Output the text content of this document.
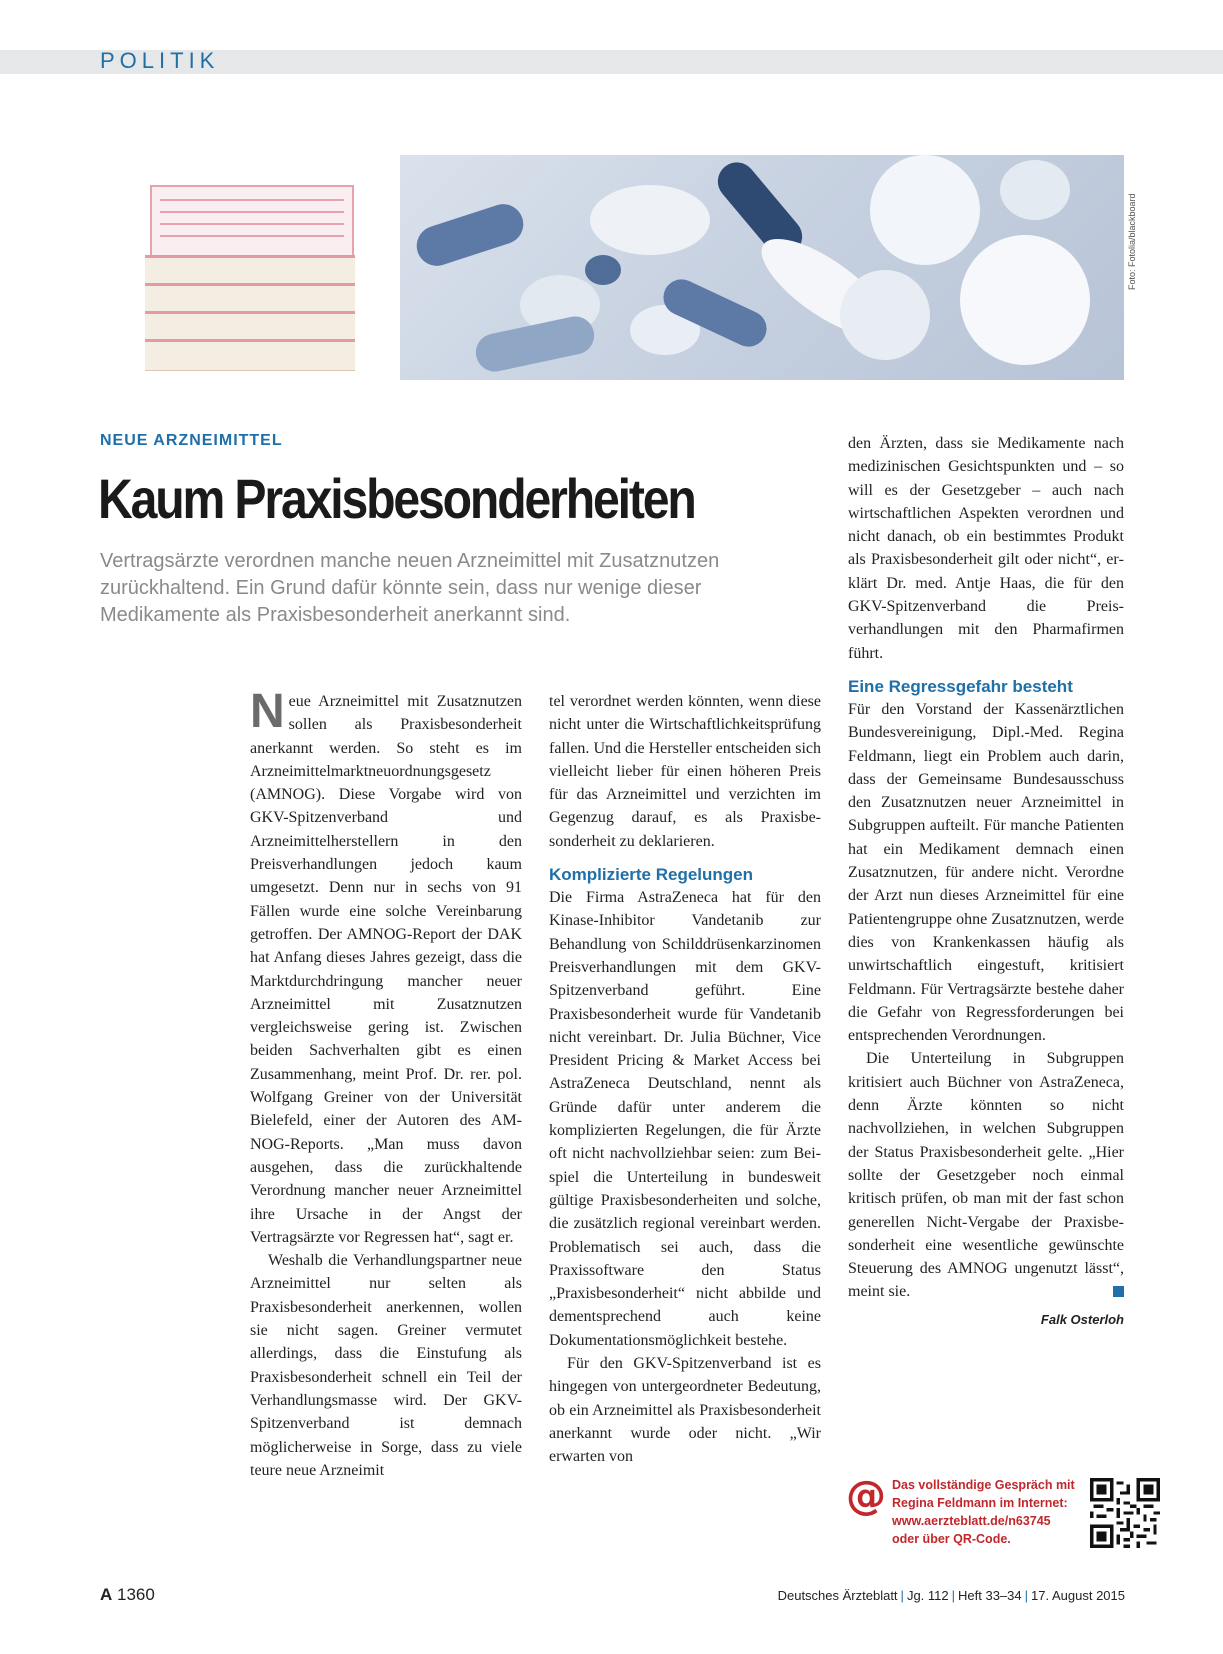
POLITIK
Foto: Fotolia/blackboard
NEUE ARZNEIMITTEL
Kaum Praxisbesonderheiten
Vertragsärzte verordnen manche neuen Arzneimittel mit Zusatznutzen zurückhaltend. Ein Grund dafür könnte sein, dass nur wenige dieser Medikamente als Praxisbesonderheit anerkannt sind.

Neue Arzneimittel mit Zusatznutzen sollen als Praxisbesonderheit anerkannt werden. So steht es im Arzneimittelmarktneuordnungsgesetz (AMNOG). Diese Vorgabe wird von GKV-Spitzenverband und Arzneimittelherstellern in den Preisverhandlungen jedoch kaum umgesetzt. Denn nur in sechs von 91 Fällen wurde eine solche Vereinbarung getroffen. Der AMNOG-Report der DAK hat Anfang dieses Jahres gezeigt, dass die Marktdurchdringung mancher neuer Arzneimittel mit Zusatznutzen vergleichsweise gering ist. Zwischen beiden Sachverhalten gibt es einen Zusammenhang, meint Prof. Dr. rer. pol. Wolfgang Greiner von der Universität Bielefeld, einer der Autoren des AMNOG-Reports. „Man muss davon ausgehen, dass die zurückhaltende Verordnung mancher neuer Arzneimittel ihre Ursache in der Angst der Vertragsärzte vor Regressen hat“, sagt er.

Weshalb die Verhandlungspartner neue Arzneimittel nur selten als Praxisbesonderheit anerkennen, wollen sie nicht sagen. Greiner vermutet allerdings, dass die Einstufung als Praxisbesonderheit schnell ein Teil der Verhandlungsmasse wird. Der GKV-Spitzenverband ist demnach möglicherweise in Sorge, dass zu viele teure neue Arzneimit

tel verordnet werden könnten, wenn diese nicht unter die Wirtschaftlichkeitsprüfung fallen. Und die Hersteller entscheiden sich vielleicht lieber für einen höheren Preis für das Arzneimittel und verzichten im Gegenzug darauf, es als Praxisbesonderheit zu deklarieren.

Komplizierte Regelungen

Die Firma AstraZeneca hat für den Kinase-Inhibitor Vandetanib zur Behandlung von Schilddrüsenkarzinomen Preisverhandlungen mit dem GKV-Spitzenverband geführt. Eine Praxisbesonderheit wurde für Vandetanib nicht vereinbart. Dr. Julia Büchner, Vice President Pricing & Market Access bei AstraZeneca Deutschland, nennt als Gründe dafür unter anderem die komplizierten Regelungen, die für Ärzte oft nicht nachvollziehbar seien: zum Beispiel die Unterteilung in bundesweit gültige Praxisbesonderheiten und solche, die zusätzlich regional vereinbart werden. Problematisch sei auch, dass die Praxissoftware den Status „Praxisbesonderheit“ nicht abbilde und dementsprechend auch keine Dokumentationsmöglichkeit bestehe.

Für den GKV-Spitzenverband ist es hingegen von untergeordneter Bedeutung, ob ein Arzneimittel als Praxisbesonderheit anerkannt wurde oder nicht. „Wir erwarten von

den Ärzten, dass sie Medikamente nach medizinischen Gesichtspunkten und – so will es der Gesetzgeber – auch nach wirtschaftlichen Aspekten verordnen und nicht danach, ob ein bestimmtes Produkt als Praxisbesonderheit gilt oder nicht“, erklärt Dr. med. Antje Haas, die für den GKV-Spitzenverband die Preisverhandlungen mit den Pharmafirmen führt.

Eine Regressgefahr besteht

Für den Vorstand der Kassenärztlichen Bundesvereinigung, Dipl.-Med. Regina Feldmann, liegt ein Problem auch darin, dass der Gemeinsame Bundesausschuss den Zusatznutzen neuer Arzneimittel in Subgruppen aufteilt. Für manche Patienten hat ein Medikament demnach einen Zusatznutzen, für andere nicht. Verordne der Arzt nun dieses Arzneimittel für eine Patientengruppe ohne Zusatznutzen, werde dies von Krankenkassen häufig als unwirtschaftlich eingestuft, kritisiert Feldmann. Für Vertragsärzte bestehe daher die Gefahr von Regressforderungen bei entsprechenden Verordnungen.

Die Unterteilung in Subgruppen kritisiert auch Büchner von AstraZeneca, denn Ärzte könnten so nicht nachvollziehen, in welchen Subgruppen der Status Praxisbesonderheit gelte. „Hier sollte der Gesetzgeber noch einmal kritisch prüfen, ob man mit der fast schon generellen Nicht-Vergabe der Praxisbesonderheit eine wesentliche gewünschte Steuerung des AMNOG ungenutzt lässt“, meint sie.

Falk Osterloh
@ Das vollständige Gespräch mit
Regina Feldmann im Internet:
www.aerzteblatt.de/n63745
oder über QR-Code.
A 1360	Deutsches Ärzteblatt | Jg. 112 | Heft 33–34 | 17. August 2015
